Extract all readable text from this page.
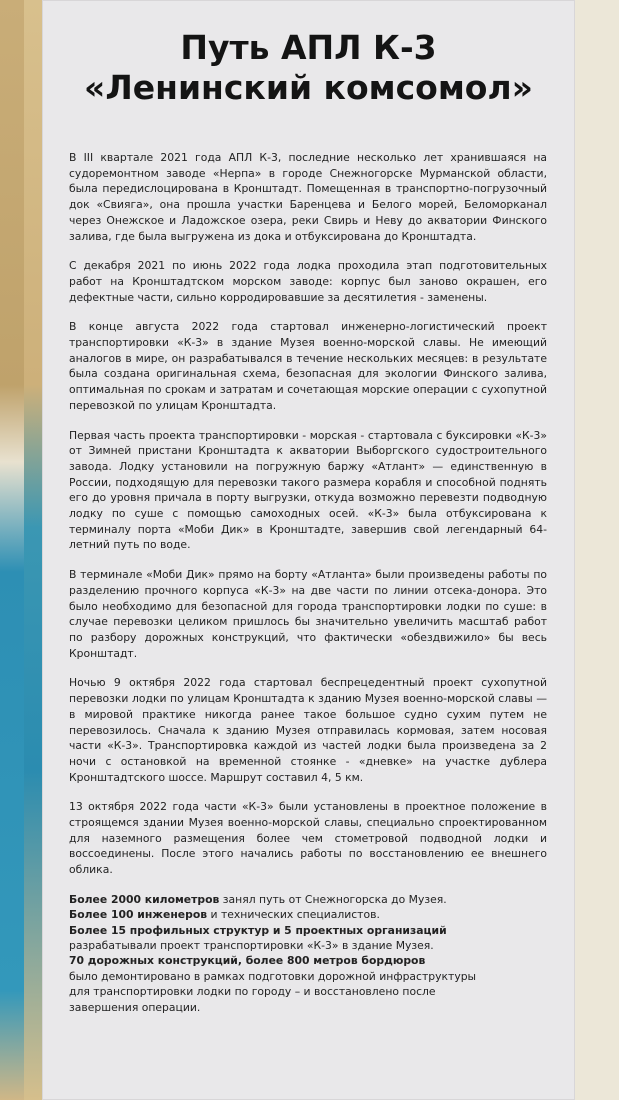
Путь АПЛ К-3
«Ленинский комсомол»

В III квартале 2021 года АПЛ К-3, последние несколько лет хранившаяся на судоремонтном заводе «Нерпа» в городе Снежногорске Мурманской области, была передислоцирована в Кронштадт. Помещенная в транспортно-погрузочный док «Свияга», она прошла участки Баренцева и Белого морей, Беломорканал через Онежское и Ладожское озера, реки Свирь и Неву до акватории Финского залива, где была выгружена из дока и отбуксирована до Кронштадта.

С декабря 2021 по июнь 2022 года лодка проходила этап подготовительных работ на Кронштадтском морском заводе: корпус был заново окрашен, его дефектные части, сильно корродировавшие за десятилетия - заменены.

В конце августа 2022 года стартовал инженерно-логистический проект транспортировки «К-3» в здание Музея военно-морской славы. Не имеющий аналогов в мире, он разрабатывался в течение нескольких месяцев: в результате была создана оригинальная схема, безопасная для экологии Финского залива, оптимальная по срокам и затратам и сочетающая морские операции с сухопутной перевозкой по улицам Кронштадта.

Первая часть проекта транспортировки - морская - стартовала с буксировки «К-3» от Зимней пристани Кронштадта к акватории Выборгского судостроительного завода. Лодку установили на погружную баржу «Атлант» — единственную в России, подходящую для перевозки такого размера корабля и способной поднять его до уровня причала в порту выгрузки, откуда возможно перевезти подводную лодку по суше с помощью самоходных осей. «К-3» была отбуксирована к терминалу порта «Моби Дик» в Кронштадте, завершив свой легендарный 64-летний путь по воде.

В терминале «Моби Дик» прямо на борту «Атланта» были произведены работы по разделению прочного корпуса «К-3» на две части по линии отсека-донора. Это было необходимо для безопасной для города транспортировки лодки по суше: в случае перевозки целиком пришлось бы значительно увеличить масштаб работ по разбору дорожных конструкций, что фактически «обездвижило» бы весь Кронштадт.

Ночью 9 октября 2022 года стартовал беспрецедентный проект сухопутной перевозки лодки по улицам Кронштадта к зданию Музея военно-морской славы — в мировой практике никогда ранее такое большое судно сухим путем не перевозилось. Сначала к зданию Музея отправилась кормовая, затем носовая части «К-3». Транспортировка каждой из частей лодки была произведена за 2 ночи с остановкой на временной стоянке - «дневке» на участке дублера Кронштадтского шоссе. Маршрут составил 4, 5 км.

13 октября 2022 года части «К-3» были установлены в проектное положение в строящемся здании Музея военно-морской славы, специально спроектированном для наземного размещения более чем стометровой подводной лодки и воссоединены. После этого начались работы по восстановлению ее внешнего облика.

Более 2000 километров занял путь от Снежногорска до Музея.
Более 100 инженеров и технических специалистов.
Более 15 профильных структур и 5 проектных организаций
разрабатывали проект транспортировки «К-3» в здание Музея.
70 дорожных конструкций, более 800 метров бордюров
было демонтировано в рамках подготовки дорожной инфраструктуры
для транспортировки лодки по городу – и восстановлено после
завершения операции.
